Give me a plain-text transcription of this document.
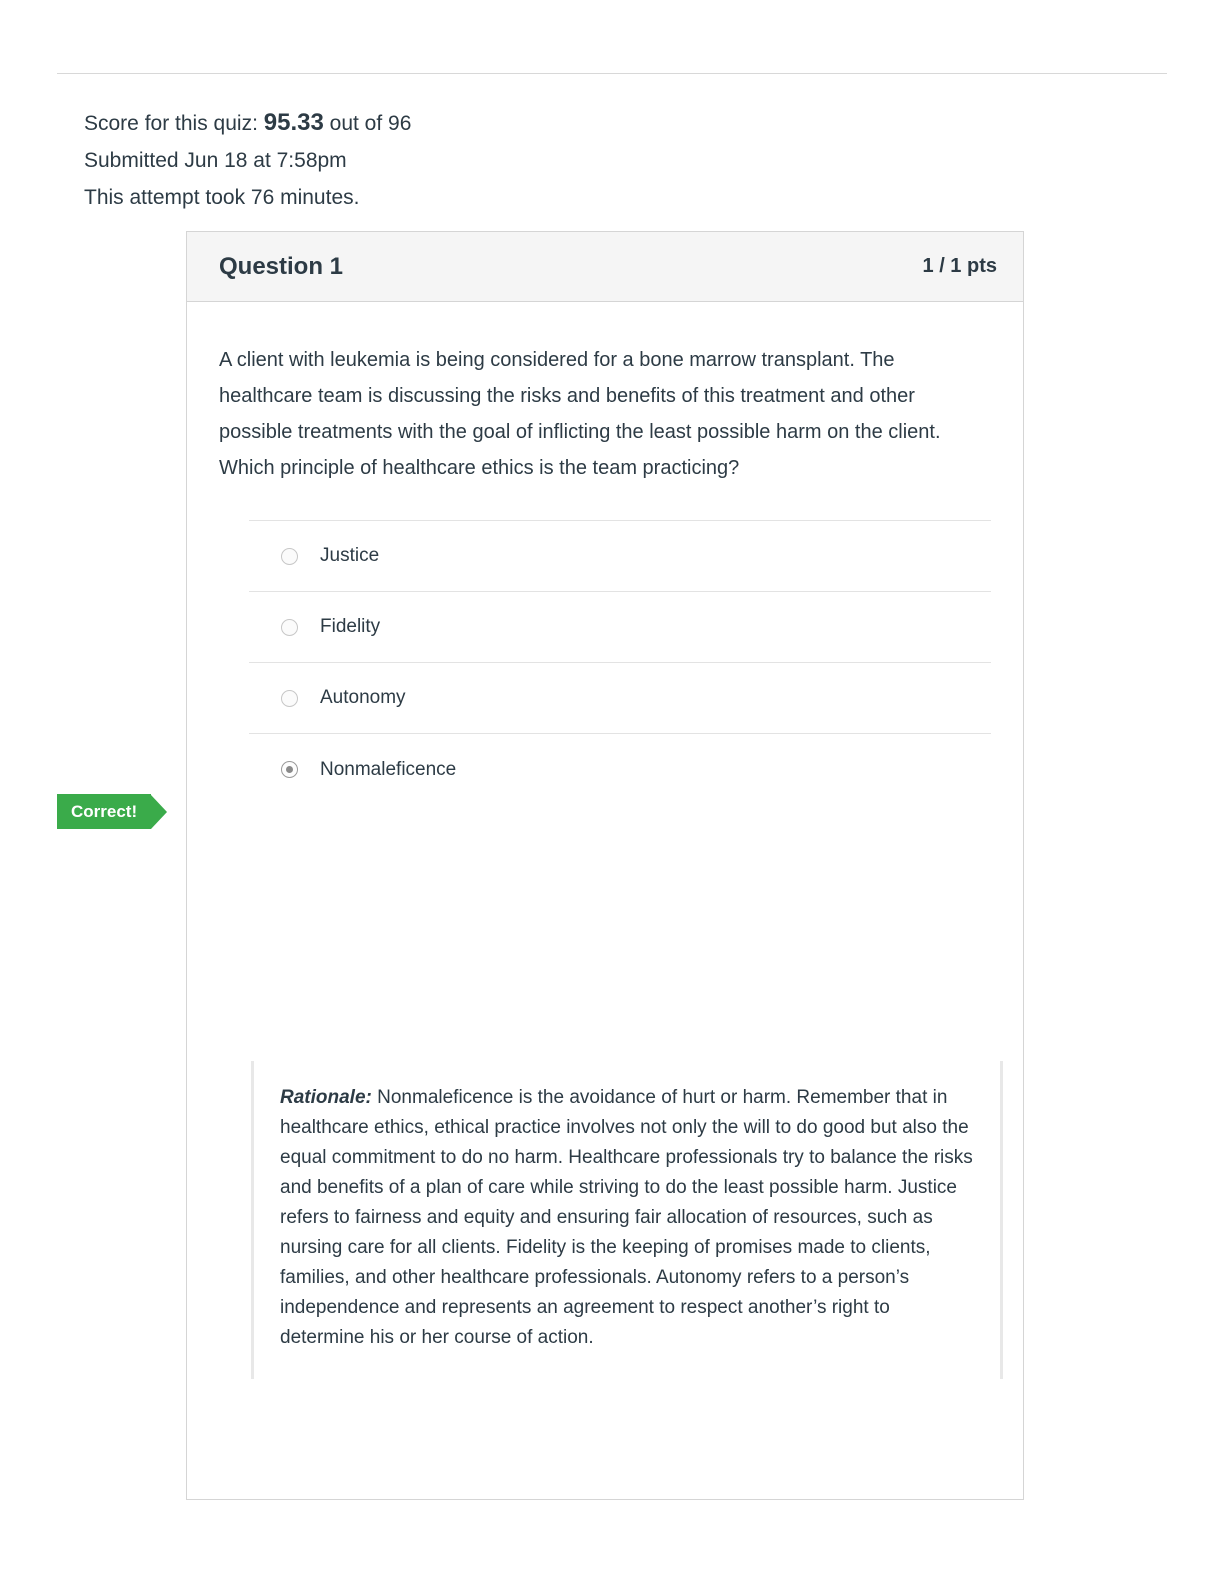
Score for this quiz: 95.33 out of 96
Submitted Jun 18 at 7:58pm
This attempt took 76 minutes.
Question 1	1 / 1 pts

A client with leukemia is being considered for a bone marrow transplant. The healthcare team is discussing the risks and benefits of this treatment and other possible treatments with the goal of inflicting the least possible harm on the client. Which principle of healthcare ethics is the team practicing?

Justice
Fidelity
Autonomy
Nonmaleficence

Rationale: Nonmaleficence is the avoidance of hurt or harm. Remember that in healthcare ethics, ethical practice involves not only the will to do good but also the equal commitment to do no harm. Healthcare professionals try to balance the risks and benefits of a plan of care while striving to do the least possible harm. Justice refers to fairness and equity and ensuring fair allocation of resources, such as nursing care for all clients. Fidelity is the keeping of promises made to clients, families, and other healthcare professionals. Autonomy refers to a person’s independence and represents an agreement to respect another’s right to determine his or her course of action.

Correct!
